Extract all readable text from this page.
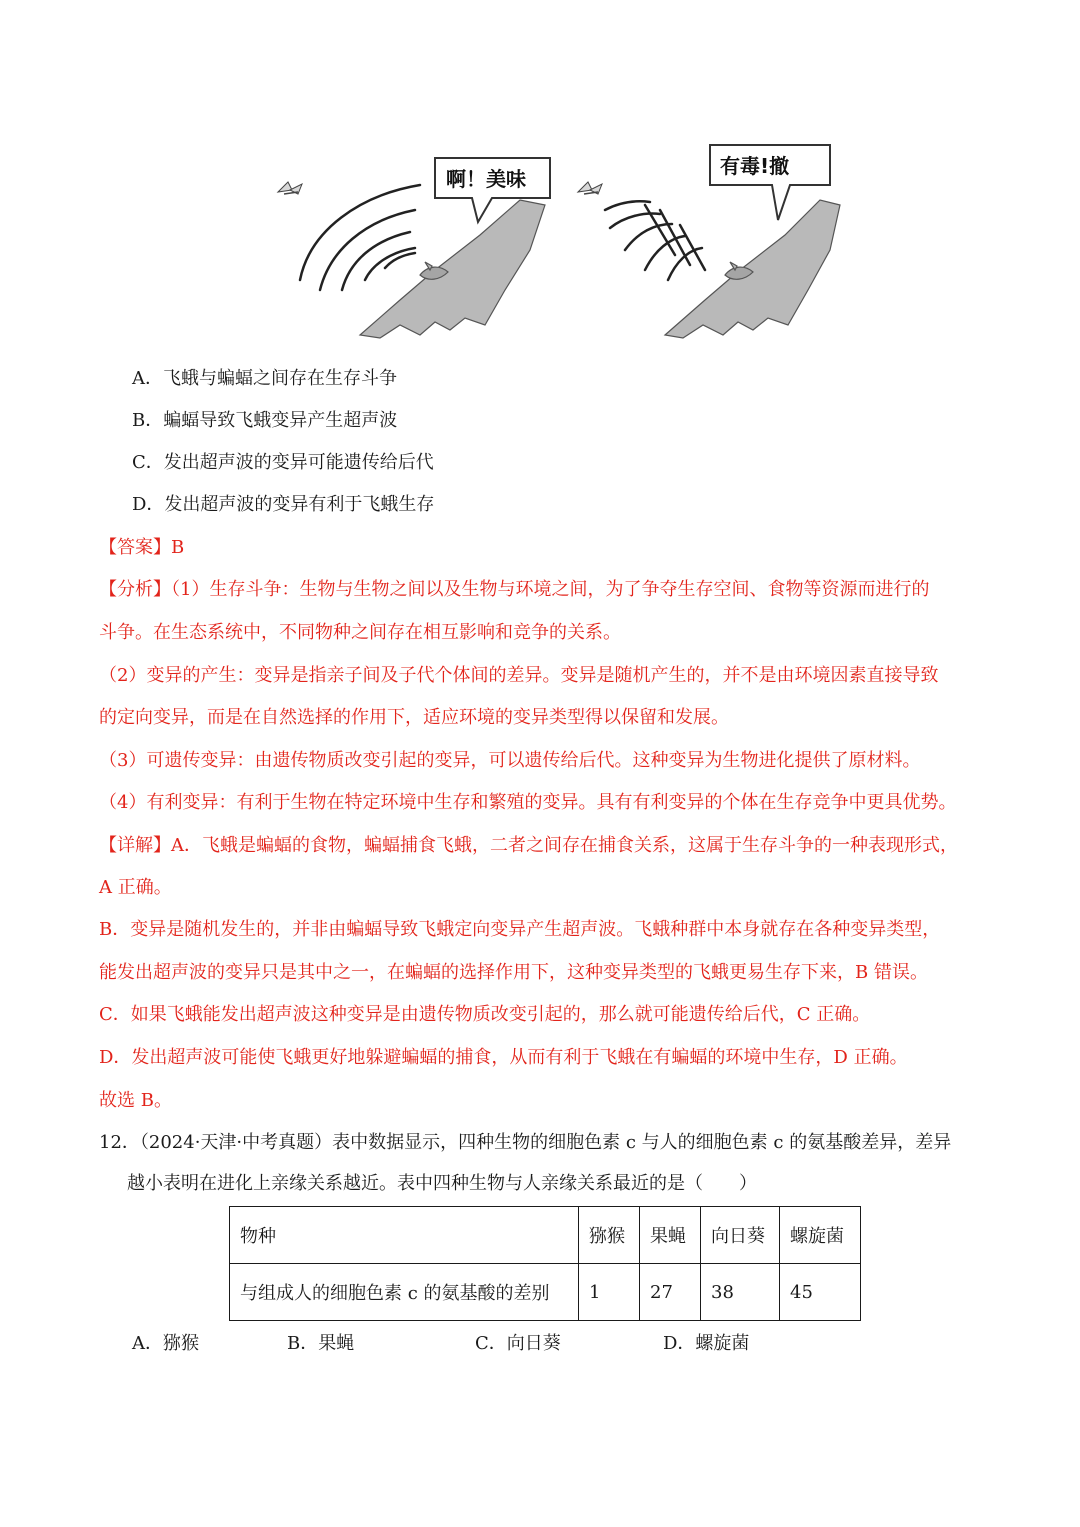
啊！美味
有毒!撤
A．飞蛾与蝙蝠之间存在生存斗争
B．蝙蝠导致飞蛾变异产生超声波
C．发出超声波的变异可能遗传给后代
D．发出超声波的变异有利于飞蛾生存
【答案】B
【分析】（1）生存斗争：生物与生物之间以及生物与环境之间，为了争夺生存空间、食物等资源而进行的
斗争。在生态系统中，不同物种之间存在相互影响和竞争的关系。
（2）变异的产生：变异是指亲子间及子代个体间的差异。变异是随机产生的，并不是由环境因素直接导致
的定向变异，而是在自然选择的作用下，适应环境的变异类型得以保留和发展。
（3）可遗传变异：由遗传物质改变引起的变异，可以遗传给后代。这种变异为生物进化提供了原材料。
（4）有利变异：有利于生物在特定环境中生存和繁殖的变异。具有有利变异的个体在生存竞争中更具优势。
【详解】A．飞蛾是蝙蝠的食物，蝙蝠捕食飞蛾，二者之间存在捕食关系，这属于生存斗争的一种表现形式，
A 正确。
B．变异是随机发生的，并非由蝙蝠导致飞蛾定向变异产生超声波。飞蛾种群中本身就存在各种变异类型，
能发出超声波的变异只是其中之一，在蝙蝠的选择作用下，这种变异类型的飞蛾更易生存下来，B 错误。
C．如果飞蛾能发出超声波这种变异是由遗传物质改变引起的，那么就可能遗传给后代，C 正确。
D．发出超声波可能使飞蛾更好地躲避蝙蝠的捕食，从而有利于飞蛾在有蝙蝠的环境中生存，D 正确。
故选 B。
12．（2024·天津·中考真题）表中数据显示，四种生物的细胞色素 c 与人的细胞色素 c 的氨基酸差异，差异
越小表明在进化上亲缘关系越近。表中四种生物与人亲缘关系最近的是（　　）
物种	猕猴	果蝇	向日葵	螺旋菌
与组成人的细胞色素 c 的氨基酸的差别	1	27	38	45
A．猕猴	B．果蝇	C．向日葵	D．螺旋菌
